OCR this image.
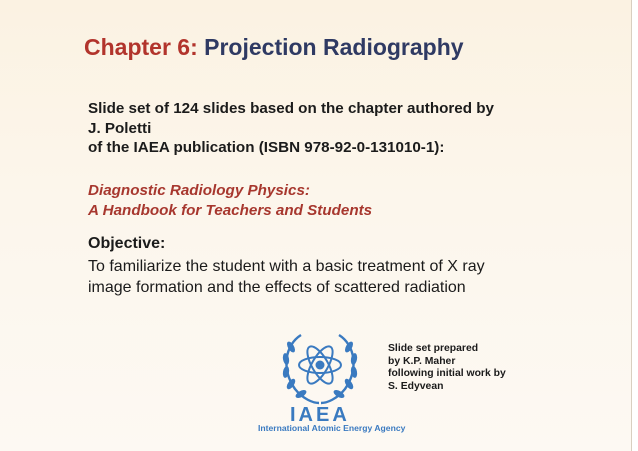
Chapter 6: Projection Radiography
Slide set of 124 slides based on the chapter authored by
J. Poletti
of the IAEA publication (ISBN 978-92-0-131010-1):
Diagnostic Radiology Physics:
A Handbook for Teachers and Students
Objective:
To familiarize the student with a basic treatment of X ray
image formation and the effects of scattered radiation
IAEA
International Atomic Energy Agency
Slide set prepared
by K.P. Maher
following initial work by
S. Edyvean
